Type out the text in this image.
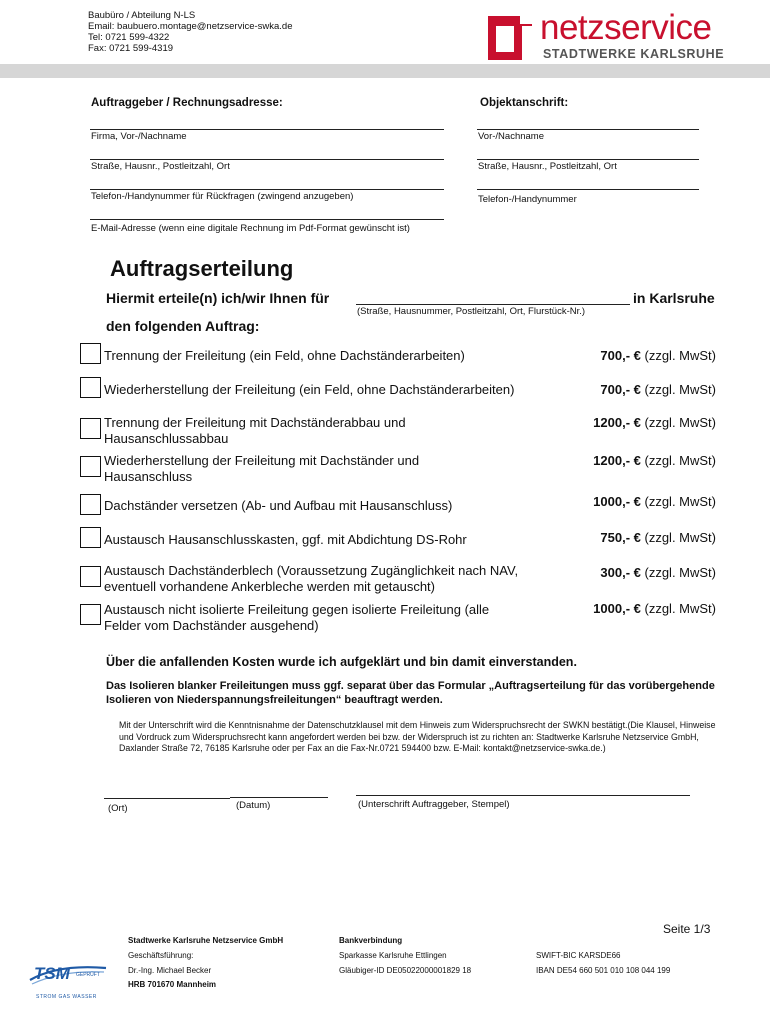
Baubüro / Abteilung N-LS
Email: baubuero.montage@netzservice-swka.de
Tel: 0721 599-4322
Fax: 0721 599-4319
netzservice
STADTWERKE KARLSRUHE
Auftraggeber / Rechnungsadresse:	Objektanschrift:
Firma, Vor-/Nachname
Straße, Hausnr., Postleitzahl, Ort
Telefon-/Handynummer für Rückfragen (zwingend anzugeben)
E-Mail-Adresse (wenn eine digitale Rechnung im Pdf-Format gewünscht ist)
Vor-/Nachname
Straße, Hausnr., Postleitzahl, Ort
Telefon-/Handynummer
Auftragserteilung
Hiermit erteile(n) ich/wir Ihnen für	in Karlsruhe
(Straße, Hausnummer, Postleitzahl, Ort, Flurstück-Nr.)
den folgenden Auftrag:
Trennung der Freileitung (ein Feld, ohne Dachständerarbeiten)	700,- € (zzgl. MwSt)
Wiederherstellung der Freileitung (ein Feld, ohne Dachständerarbeiten)	700,- € (zzgl. MwSt)
Trennung der Freileitung mit Dachständerabbau und Hausanschlussabbau
1200,- € (zzgl. MwSt)
Wiederherstellung der Freileitung mit Dachständer und Hausanschluss
1200,- € (zzgl. MwSt)
Dachständer versetzen (Ab- und Aufbau mit Hausanschluss)	1000,- € (zzgl. MwSt)
Austausch Hausanschlusskasten, ggf. mit Abdichtung DS-Rohr	750,- € (zzgl. MwSt)
Austausch Dachständerblech (Voraussetzung Zugänglichkeit nach NAV, eventuell vorhandene Ankerbleche werden mit getauscht)
300,- € (zzgl. MwSt)
Austausch nicht isolierte Freileitung gegen isolierte Freileitung (alle Felder vom Dachständer ausgehend)
1000,- € (zzgl. MwSt)
Über die anfallenden Kosten wurde ich aufgeklärt und bin damit einverstanden.
Das Isolieren blanker Freileitungen muss ggf. separat über das Formular „Auftragserteilung für das vorübergehende Isolieren von Niederspannungsfreileitungen“ beauftragt werden.
Mit der Unterschrift wird die Kenntnisnahme der Datenschutzklausel mit dem Hinweis zum Widerspruchsrecht der SWKN bestätigt.(Die Klausel, Hinweise und Vordruck zum Widerspruchsrecht kann angefordert werden bei bzw. der Widerspruch ist zu richten an: Stadtwerke Karlsruhe Netzservice GmbH, Daxlander Straße 72, 76185 Karlsruhe oder per Fax an die Fax-Nr.0721 594400 bzw. E-Mail: kontakt@netzservice-swka.de.)
(Ort)	(Datum)	(Unterschrift Auftraggeber, Stempel)
Seite 1/3
Stadtwerke Karlsruhe Netzservice GmbH
Geschäftsführung:
Dr.-Ing. Michael Becker
HRB 701670 Mannheim
Bankverbindung
Sparkasse Karlsruhe Ettlingen
Gläubiger-ID DE05022000001829 18
SWIFT-BIC KARSDE66
IBAN DE54 660 501 010 108 044 199
TSM GEPRÜFT
STROM GAS WASSER
